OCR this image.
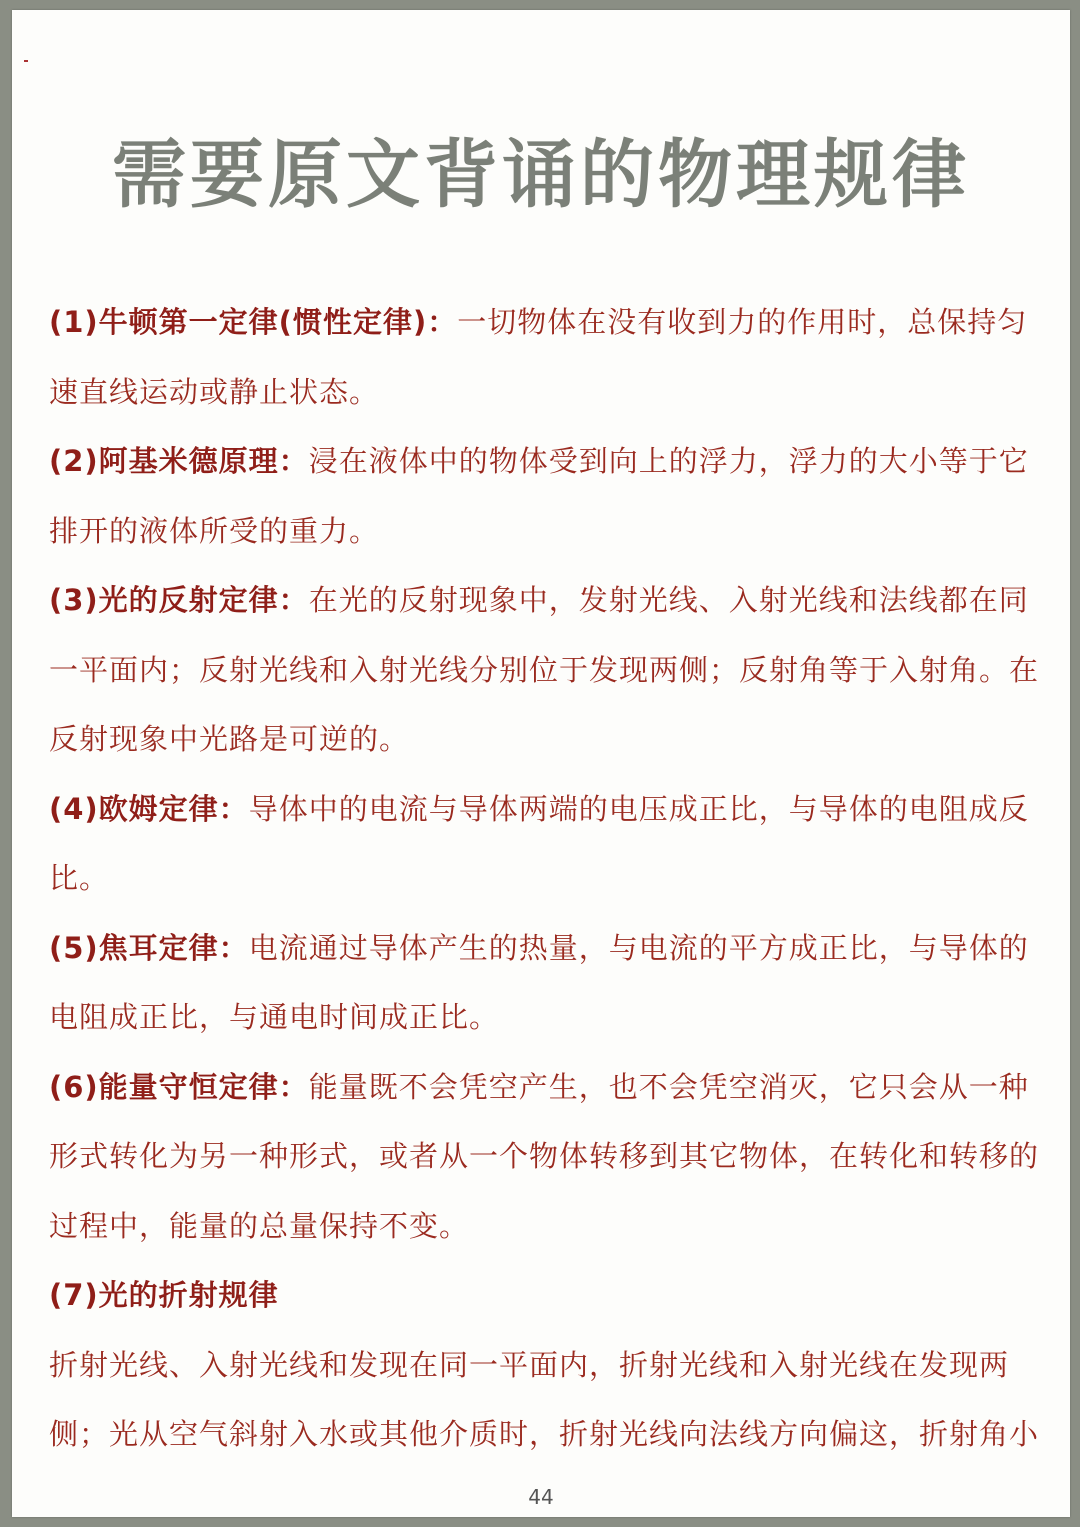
需要原文背诵的物理规律

(1)牛顿第一定律(惯性定律)：一切物体在没有收到力的作用时，总保持匀速直线运动或静止状态。

(2)阿基米德原理：浸在液体中的物体受到向上的浮力，浮力的大小等于它排开的液体所受的重力。

(3)光的反射定律：在光的反射现象中，发射光线、入射光线和法线都在同一平面内；反射光线和入射光线分别位于发现两侧；反射角等于入射角。在反射现象中光路是可逆的。

(4)欧姆定律：导体中的电流与导体两端的电压成正比，与导体的电阻成反比。

(5)焦耳定律：电流通过导体产生的热量，与电流的平方成正比，与导体的电阻成正比，与通电时间成正比。

(6)能量守恒定律：能量既不会凭空产生，也不会凭空消灭，它只会从一种形式转化为另一种形式，或者从一个物体转移到其它物体，在转化和转移的过程中，能量的总量保持不变。

(7)光的折射规律

折射光线、入射光线和发现在同一平面内，折射光线和入射光线在发现两侧；光从空气斜射入水或其他介质时，折射光线向法线方向偏这，折射角小

44
